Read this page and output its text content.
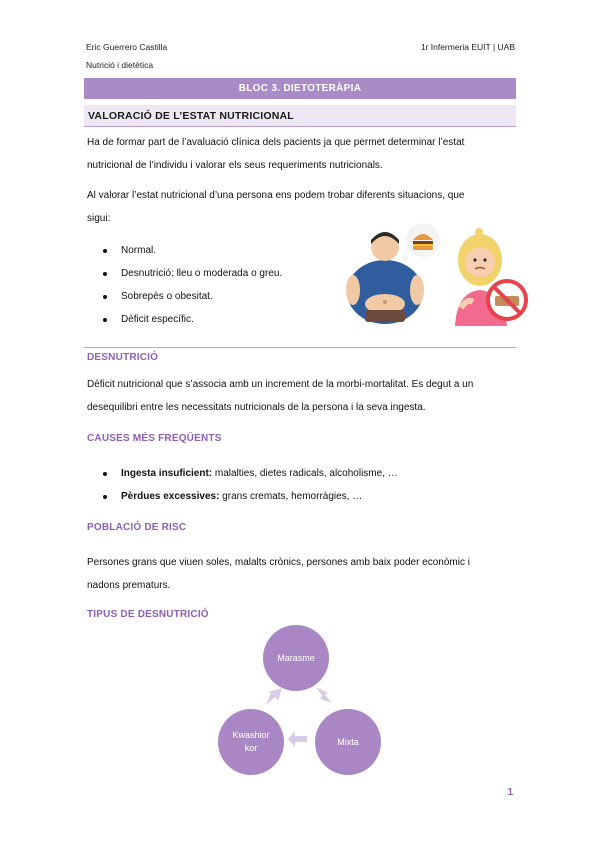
Eric Guerrero Castilla
Nutrició i dietètica
1r Infermeria EUIT | UAB
BLOC 3. DIETOTERÀPIA
VALORACIÓ DE L’ESTAT NUTRICIONAL
Ha de formar part de l’avaluació clínica dels pacients ja que permet determinar l’estat
nutricional de l’individu i valorar els seus requeriments nutricionals.
Al valorar l’estat nutricional d’una persona ens podem trobar diferents situacions, que
sigui:
Normal.
Desnutrició: lleu o moderada o greu.
Sobrepès o obesitat.
Dèficit específic.
DESNUTRICIÓ
Dèficit nutricional que s’associa amb un increment de la morbi-mortalitat. Es degut a un
desequilibri entre les necessitats nutricionals de la persona i la seva ingesta.
CAUSES MÉS FREQÜENTS
Ingesta insuficient: malalties, dietes radicals, alcoholisme, …
Pèrdues excessives: grans cremats, hemorràgies, …
POBLACIÓ DE RISC
Persones grans que viuen soles, malalts crònics, persones amb baix poder econòmic i
nadons prematurs.
TIPUS DE DESNUTRICIÓ
Marasme
Mixta
Kwashior
kor
1
